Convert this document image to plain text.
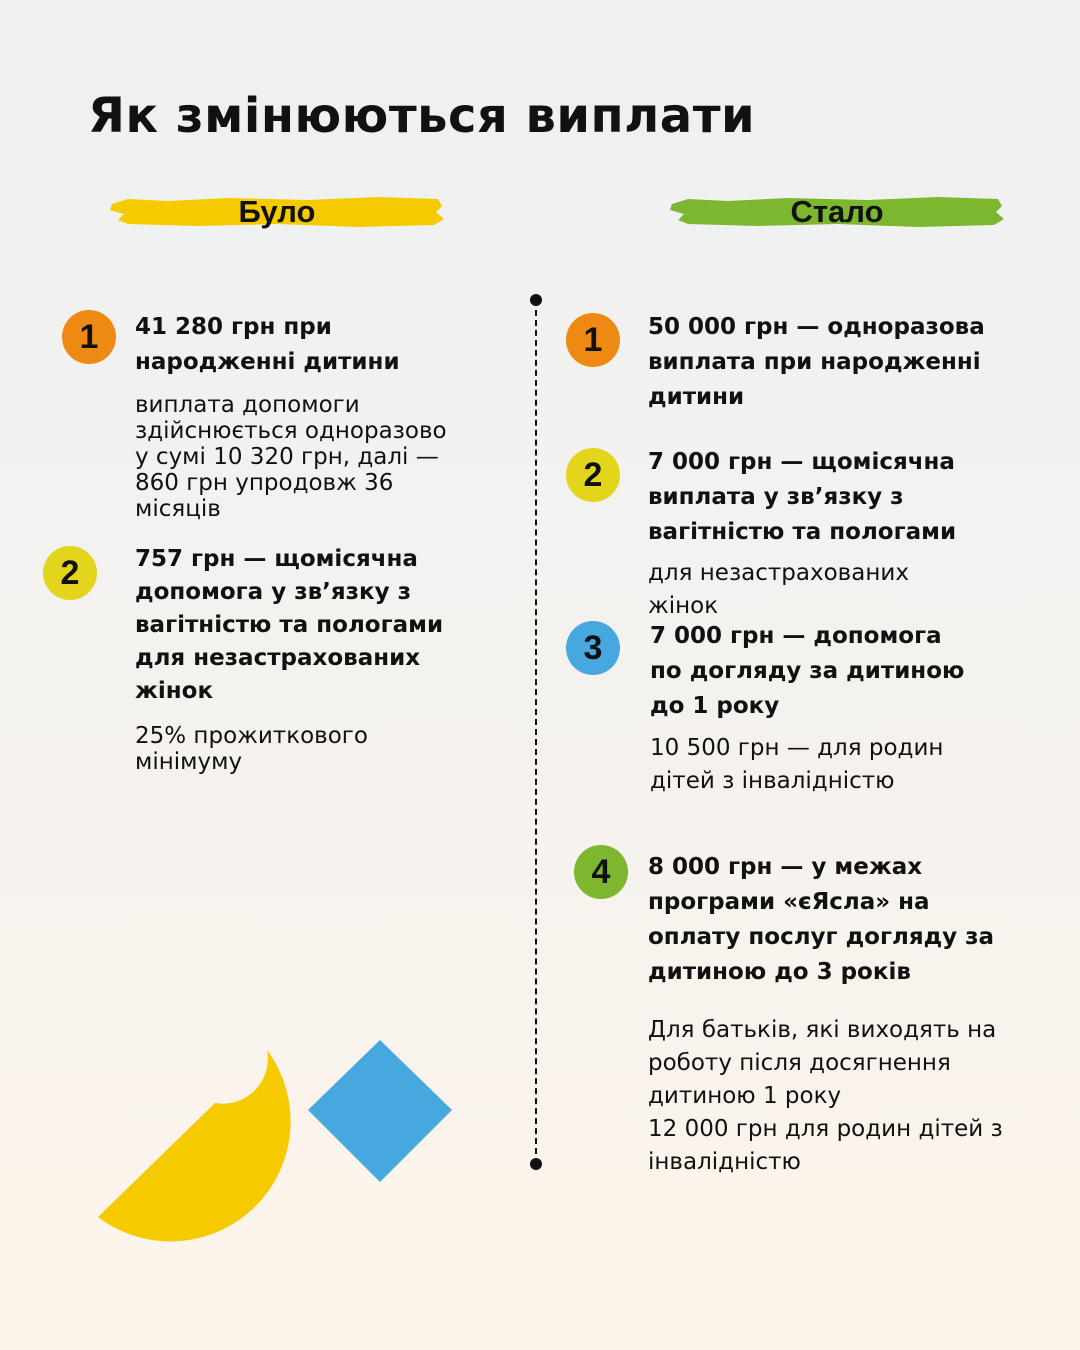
Як змінюються виплати
Було	Стало
1	41 280 грн при
народженні дитини

виплата допомоги
здійснюється одноразово
у сумі 10 320 грн, далі —
860 грн упродовж 36
місяців

2	757 грн — щомісячна
допомога у зв’язку з
вагітністю та пологами
для незастрахованих
жінок

25% прожиткового
мінімуму

1	50 000 грн — одноразова
виплата при народженні
дитини

2	7 000 грн — щомісячна
виплата у зв’язку з
вагітністю та пологами

для незастрахованих
жінок

3	7 000 грн — допомога
по догляду за дитиною
до 1 року

10 500 грн — для родин
дітей з інвалідністю

4	8 000 грн — у межах
програми «єЯсла» на
оплату послуг догляду за
дитиною до 3 років

Для батьків, які виходять на
роботу після досягнення
дитиною 1 року
12 000 грн для родин дітей з
інвалідністю
